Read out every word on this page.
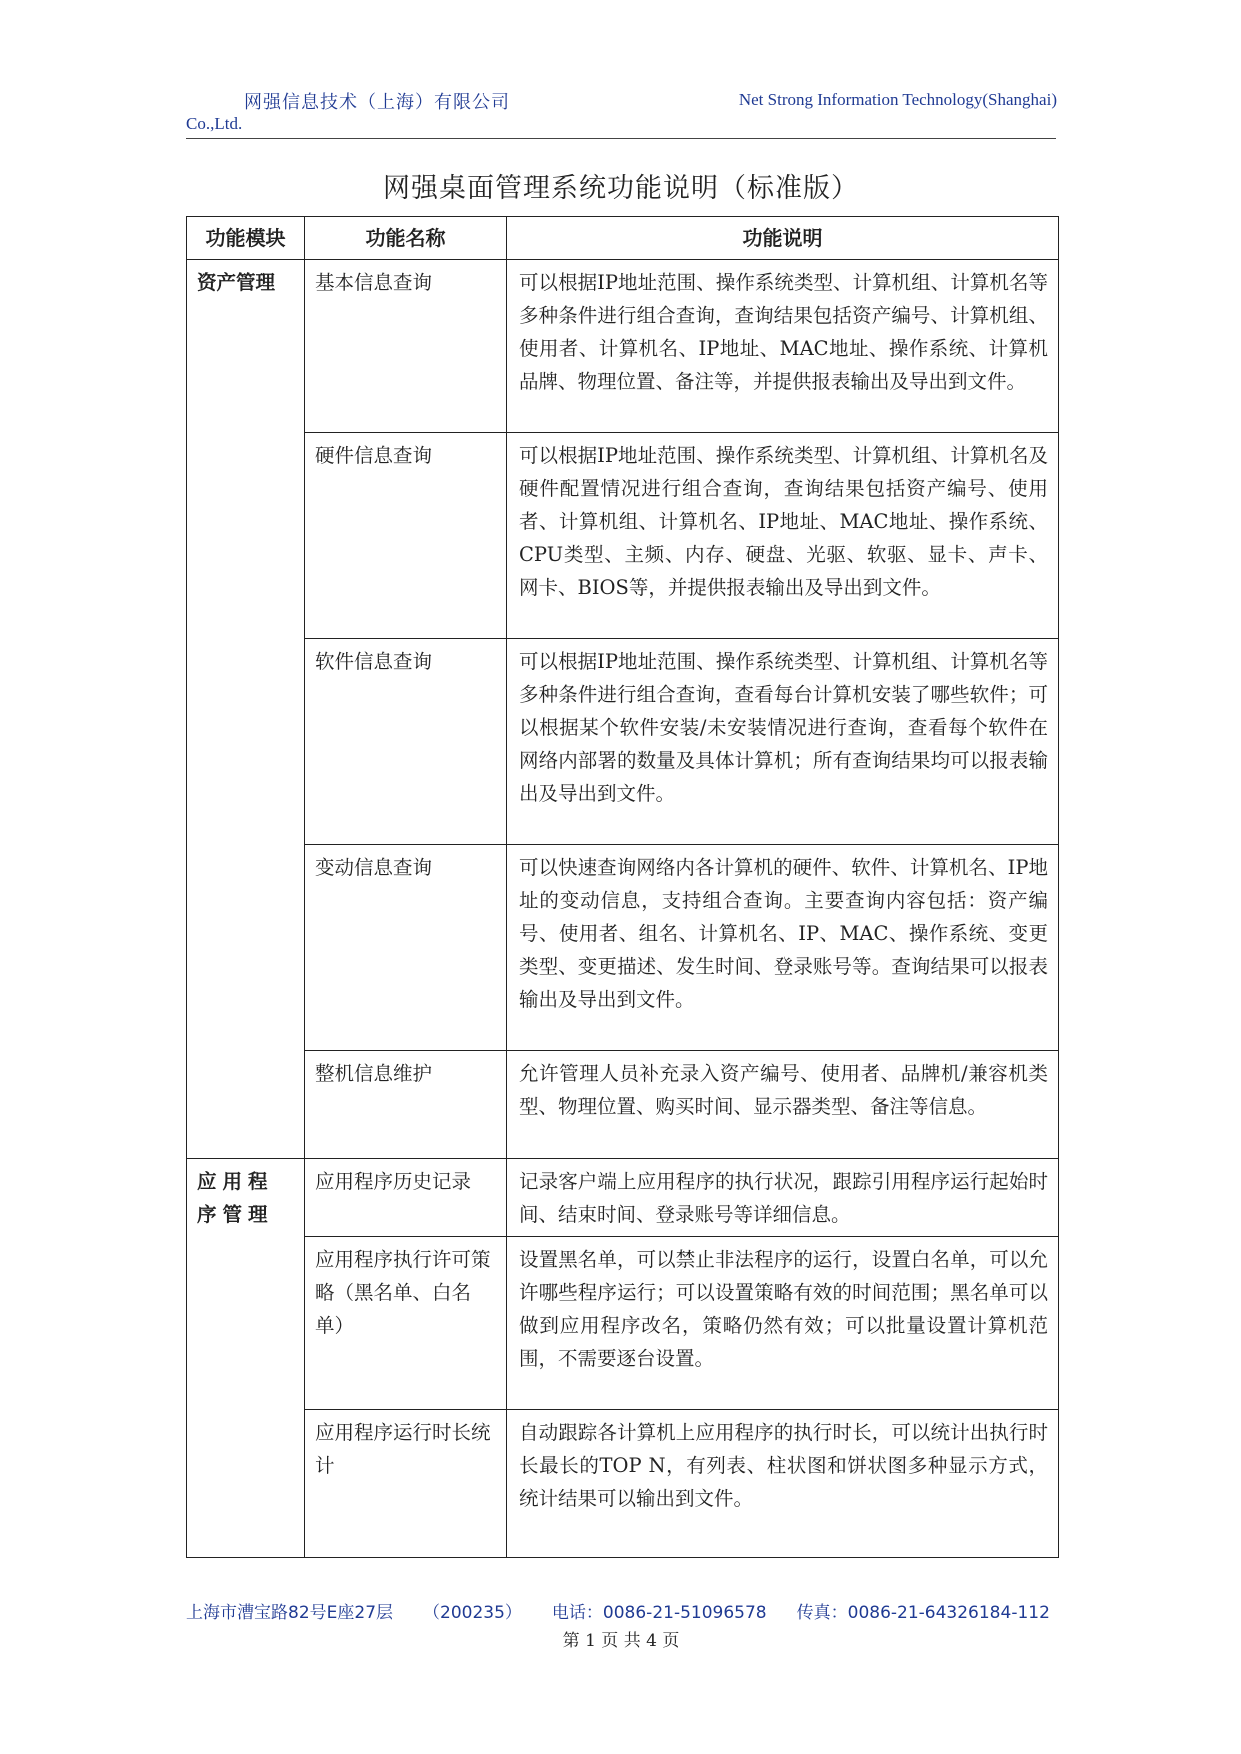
网强信息技术（上海）有限公司	Net Strong Information Technology(Shanghai)
Co.,Ltd.
网强桌面管理系统功能说明（标准版）
功能模块	功能名称	功能说明
资产管理	基本信息查询	可以根据IP地址范围、操作系统类型、计算机组、计算机名等多种条件进行组合查询，查询结果包括资产编号、计算机组、使用者、计算机名、IP地址、MAC地址、操作系统、计算机品牌、物理位置、备注等，并提供报表输出及导出到文件。
	硬件信息查询	可以根据IP地址范围、操作系统类型、计算机组、计算机名及硬件配置情况进行组合查询，查询结果包括资产编号、使用者、计算机组、计算机名、IP地址、MAC地址、操作系统、CPU类型、主频、内存、硬盘、光驱、软驱、显卡、声卡、网卡、BIOS等，并提供报表输出及导出到文件。
	软件信息查询	可以根据IP地址范围、操作系统类型、计算机组、计算机名等多种条件进行组合查询，查看每台计算机安装了哪些软件；可以根据某个软件安装/未安装情况进行查询，查看每个软件在网络内部署的数量及具体计算机；所有查询结果均可以报表输出及导出到文件。
	变动信息查询	可以快速查询网络内各计算机的硬件、软件、计算机名、IP地址的变动信息，支持组合查询。主要查询内容包括：资产编号、使用者、组名、计算机名、IP、MAC、操作系统、变更类型、变更描述、发生时间、登录账号等。查询结果可以报表输出及导出到文件。
	整机信息维护	允许管理人员补充录入资产编号、使用者、品牌机/兼容机类型、物理位置、购买时间、显示器类型、备注等信息。
应用程序管理	应用程序历史记录	记录客户端上应用程序的执行状况，跟踪引用程序运行起始时间、结束时间、登录账号等详细信息。
	应用程序执行许可策略（黑名单、白名单）	设置黑名单，可以禁止非法程序的运行，设置白名单，可以允许哪些程序运行；可以设置策略有效的时间范围；黑名单可以做到应用程序改名，策略仍然有效；可以批量设置计算机范围，不需要逐台设置。
	应用程序运行时长统计	自动跟踪各计算机上应用程序的执行时长，可以统计出执行时长最长的TOP N，有列表、柱状图和饼状图多种显示方式，统计结果可以输出到文件。
上海市漕宝路82号E座27层 （200235） 电话：0086-21-51096578 传真：0086-21-64326184-112
第 1 页 共 4 页
